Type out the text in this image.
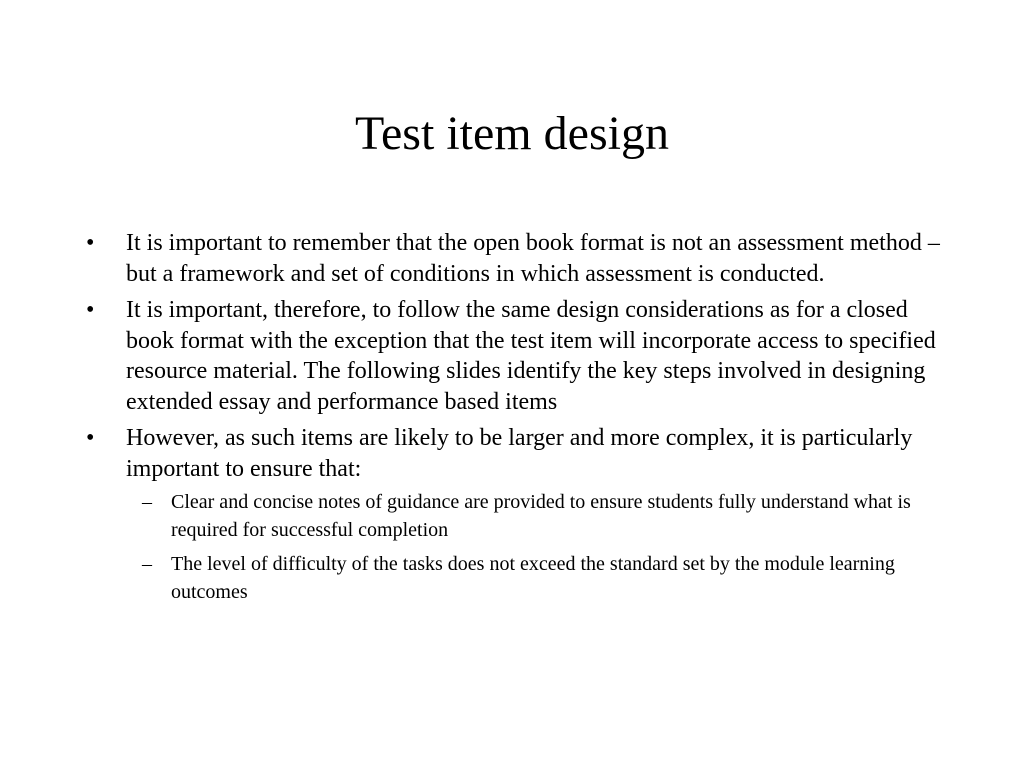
Test item design
• It is important to remember that the open book format is not an assessment method – but a framework and set of conditions in which assessment is conducted.
• It is important, therefore, to follow the same design considerations as for a closed book format with the exception that the test item will incorporate access to specified resource material. The following slides identify the key steps involved in designing extended essay and performance based items
• However, as such items are likely to be larger and more complex, it is particularly important to ensure that:
– Clear and concise notes of guidance are provided to ensure students fully understand what is required for successful completion
– The level of difficulty of the tasks does not exceed the standard set by the module learning outcomes
